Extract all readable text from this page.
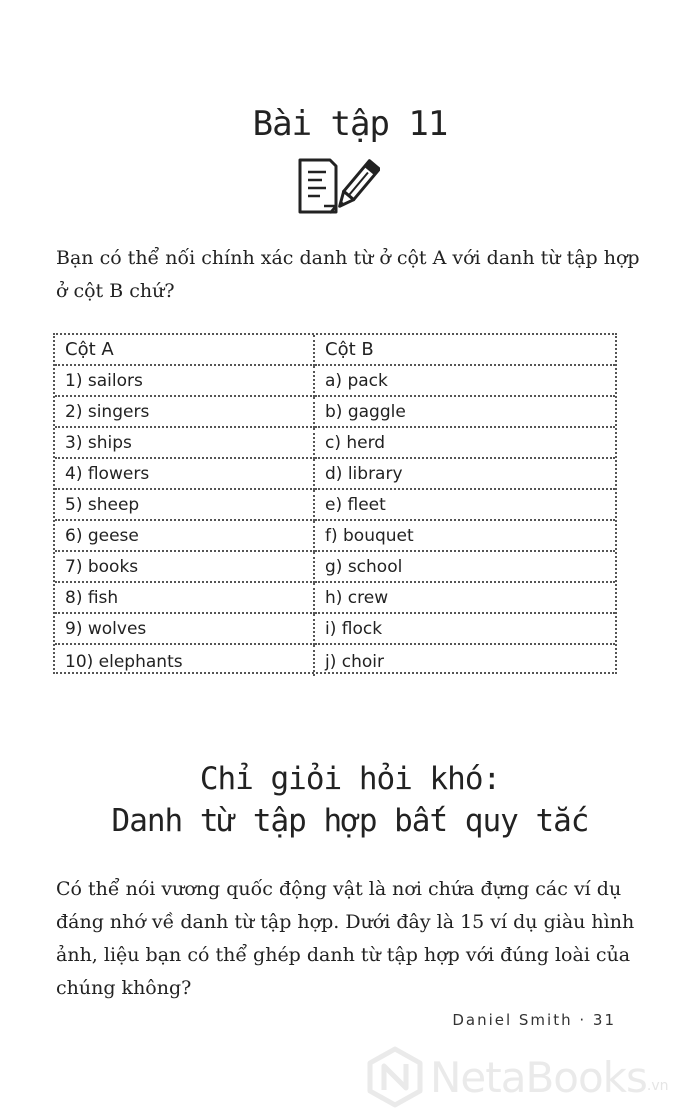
Bài tập 11
Bạn có thể nối chính xác danh từ ở cột A với danh từ tập hợp ở cột B chứ?
Cột A	Cột B
1) sailors	a) pack
2) singers	b) gaggle
3) ships	c) herd
4) flowers	d) library
5) sheep	e) fleet
6) geese	f) bouquet
7) books	g) school
8) fish	h) crew
9) wolves	i) flock
10) elephants	j) choir
Chỉ giỏi hỏi khó:
Danh từ tập hợp bất quy tắc
Có thể nói vương quốc động vật là nơi chứa đựng các ví dụ đáng nhớ về danh từ tập hợp. Dưới đây là 15 ví dụ giàu hình ảnh, liệu bạn có thể ghép danh từ tập hợp với đúng loài của chúng không?
Daniel Smith · 31
NetaBooks .vn
